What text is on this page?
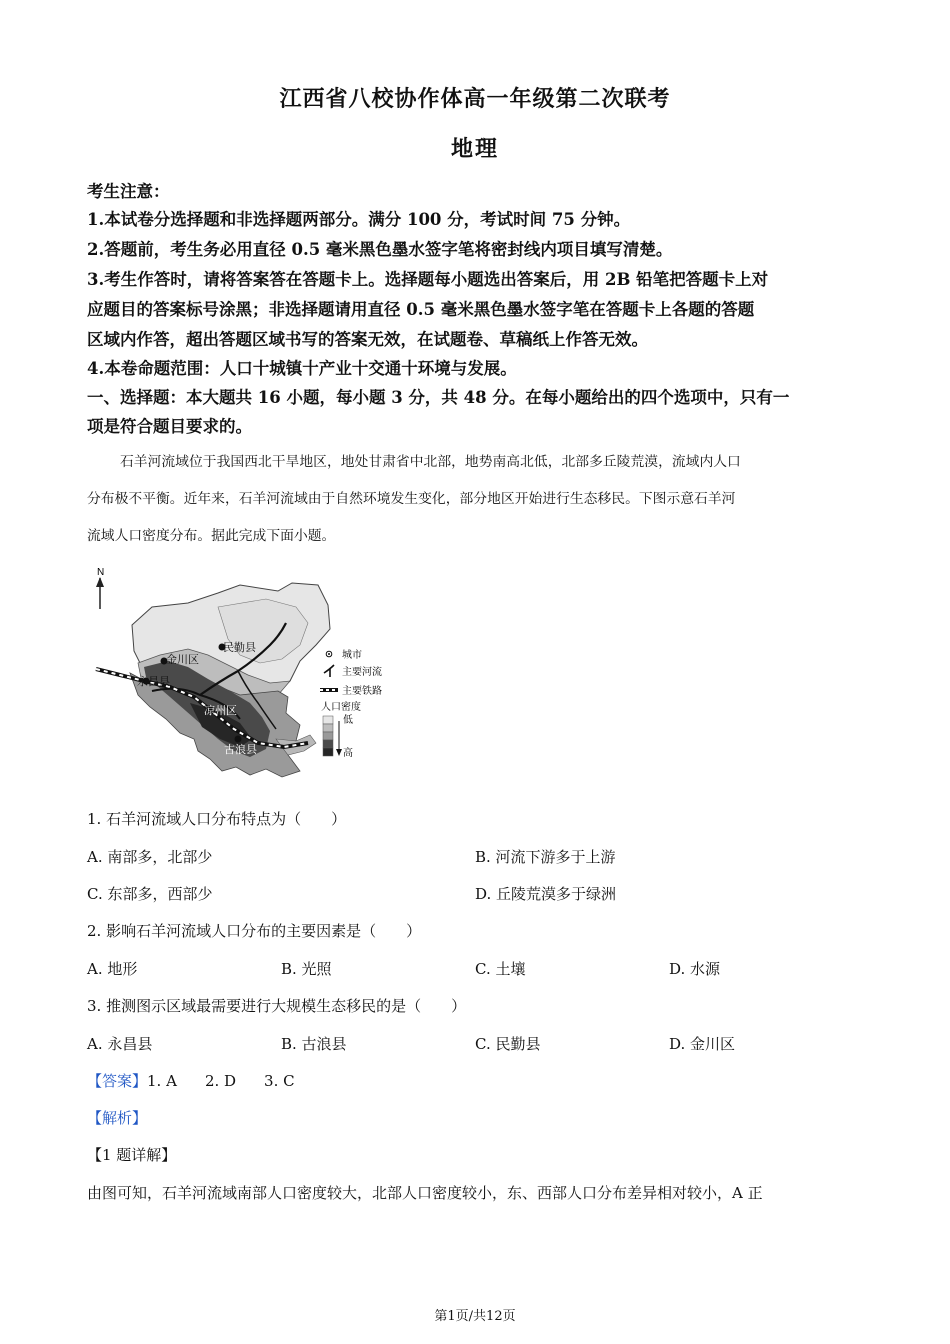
江西省八校协作体高一年级第二次联考
地理
考生注意：
1.本试卷分选择题和非选择题两部分。满分 100 分，考试时间 75 分钟。
2.答题前，考生务必用直径 0.5 毫米黑色墨水签字笔将密封线内项目填写清楚。
3.考生作答时，请将答案答在答题卡上。选择题每小题选出答案后，用 2B 铅笔把答题卡上对
应题目的答案标号涂黑；非选择题请用直径 0.5 毫米黑色墨水签字笔在答题卡上各题的答题
区域内作答，超出答题区域书写的答案无效，在试题卷、草稿纸上作答无效。
4.本卷命题范围：人口十城镇十产业十交通十环境与发展。
一、选择题：本大题共 16 小题，每小题 3 分，共 48 分。在每小题给出的四个选项中，只有一
项是符合题目要求的。
石羊河流域位于我国西北干旱地区，地处甘肃省中北部，地势南高北低，北部多丘陵荒漠，流域内人口
分布极不平衡。近年来，石羊河流域由于自然环境发生变化，部分地区开始进行生态移民。下图示意石羊河
流域人口密度分布。据此完成下面小题。
N
金川区
永昌县
民勤县
凉州区
古浪县
城市
主要河流
主要铁路
人口密度
低
高
1. 石羊河流域人口分布特点为（　　）
A. 南部多，北部少	B. 河流下游多于上游
C. 东部多，西部少	D. 丘陵荒漠多于绿洲
2. 影响石羊河流域人口分布的主要因素是（　　）
A. 地形	B. 光照	C. 土壤	D. 水源
3. 推测图示区域最需要进行大规模生态移民的是（　　）
A. 永昌县	B. 古浪县	C. 民勤县	D. 金川区
【答案】1. A 2. D 3. C
【解析】
【1 题详解】
由图可知，石羊河流域南部人口密度较大，北部人口密度较小，东、西部人口分布差异相对较小，A 正
第1页/共12页
